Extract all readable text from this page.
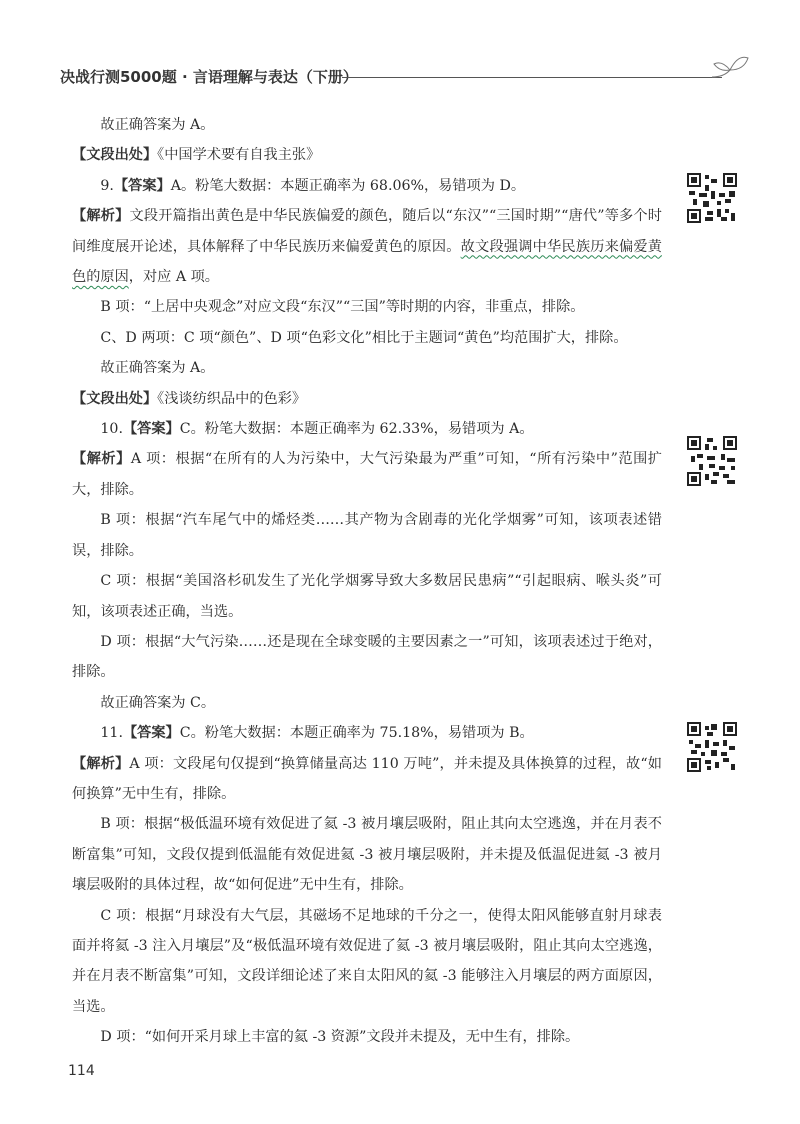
决战行测5000题 · 言语理解与表达（下册）

故正确答案为 A。

【文段出处】《中国学术要有自我主张》

9.【答案】A。粉笔大数据：本题正确率为 68.06%，易错项为 D。

【解析】文段开篇指出黄色是中华民族偏爱的颜色，随后以“东汉”“三国时期”“唐代”等多个时间维度展开论述，具体解释了中华民族历来偏爱黄色的原因。故文段强调中华民族历来偏爱黄色的原因，对应 A 项。

B 项：“上居中央观念”对应文段“东汉”“三国”等时期的内容，非重点，排除。

C、D 两项：C 项“颜色”、D 项“色彩文化”相比于主题词“黄色”均范围扩大，排除。

故正确答案为 A。

【文段出处】《浅谈纺织品中的色彩》

10.【答案】C。粉笔大数据：本题正确率为 62.33%，易错项为 A。

【解析】A 项：根据“在所有的人为污染中，大气污染最为严重”可知，“所有污染中”范围扩大，排除。

B 项：根据“汽车尾气中的烯烃类……其产物为含剧毒的光化学烟雾”可知，该项表述错误，排除。

C 项：根据“美国洛杉矶发生了光化学烟雾导致大多数居民患病”“引起眼病、喉头炎”可知，该项表述正确，当选。

D 项：根据“大气污染……还是现在全球变暖的主要因素之一”可知，该项表述过于绝对，排除。

故正确答案为 C。

11.【答案】C。粉笔大数据：本题正确率为 75.18%，易错项为 B。

【解析】A 项：文段尾句仅提到“换算储量高达 110 万吨”，并未提及具体换算的过程，故“如何换算”无中生有，排除。

B 项：根据“极低温环境有效促进了氦 -3 被月壤层吸附，阻止其向太空逃逸，并在月表不断富集”可知，文段仅提到低温能有效促进氦 -3 被月壤层吸附，并未提及低温促进氦 -3 被月壤层吸附的具体过程，故“如何促进”无中生有，排除。

C 项：根据“月球没有大气层，其磁场不足地球的千分之一，使得太阳风能够直射月球表面并将氦 -3 注入月壤层”及“极低温环境有效促进了氦 -3 被月壤层吸附，阻止其向太空逃逸，并在月表不断富集”可知，文段详细论述了来自太阳风的氦 -3 能够注入月壤层的两方面原因，当选。

D 项：“如何开采月球上丰富的氦 -3 资源”文段并未提及，无中生有，排除。

114
